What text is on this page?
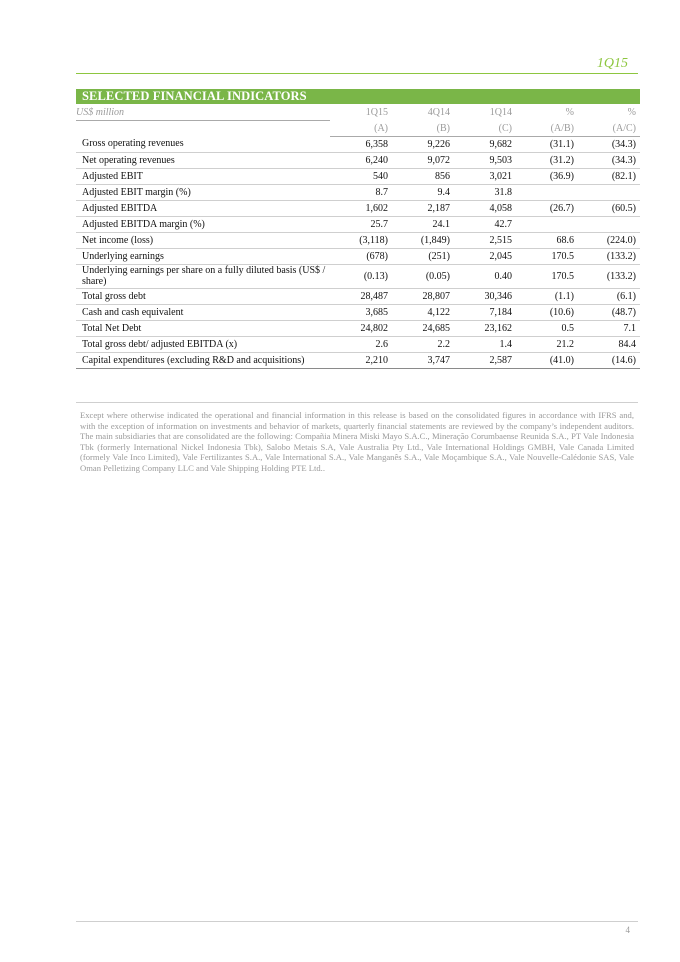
1Q15
SELECTED FINANCIAL INDICATORS
US$ million	1Q15	4Q14	1Q14	%	%
	(A)	(B)	(C)	(A/B)	(A/C)
Gross operating revenues	6,358	9,226	9,682	(31.1)	(34.3)
Net operating revenues	6,240	9,072	9,503	(31.2)	(34.3)
Adjusted EBIT	540	856	3,021	(36.9)	(82.1)
Adjusted EBIT margin (%)	8.7	9.4	31.8		
Adjusted EBITDA	1,602	2,187	4,058	(26.7)	(60.5)
Adjusted EBITDA margin (%)	25.7	24.1	42.7		
Net income (loss)	(3,118)	(1,849)	2,515	68.6	(224.0)
Underlying earnings	(678)	(251)	2,045	170.5	(133.2)
Underlying earnings per share on a fully diluted basis (US$ / share)	(0.13)	(0.05)	0.40	170.5	(133.2)
Total gross debt	28,487	28,807	30,346	(1.1)	(6.1)
Cash and cash equivalent	3,685	4,122	7,184	(10.6)	(48.7)
Total Net Debt	24,802	24,685	23,162	0.5	7.1
Total gross debt/ adjusted EBITDA (x)	2.6	2.2	1.4	21.2	84.4
Capital expenditures (excluding R&D and acquisitions)	2,210	3,747	2,587	(41.0)	(14.6)
Except where otherwise indicated the operational and financial information in this release is based on the consolidated figures in accordance with IFRS and, with the exception of information on investments and behavior of markets, quarterly financial statements are reviewed by the company’s independent auditors. The main subsidiaries that are consolidated are the following: Compañia Minera Miski Mayo S.A.C., Mineração Corumbaense Reunida S.A., PT Vale Indonesia Tbk (formerly International Nickel Indonesia Tbk), Salobo Metais S.A, Vale Australia Pty Ltd., Vale International Holdings GMBH, Vale Canada Limited (formely Vale Inco Limited), Vale Fertilizantes S.A., Vale International S.A., Vale Manganês S.A., Vale Moçambique S.A., Vale Nouvelle-Calédonie SAS, Vale Oman Pelletizing Company LLC and Vale Shipping Holding PTE Ltd..
4
